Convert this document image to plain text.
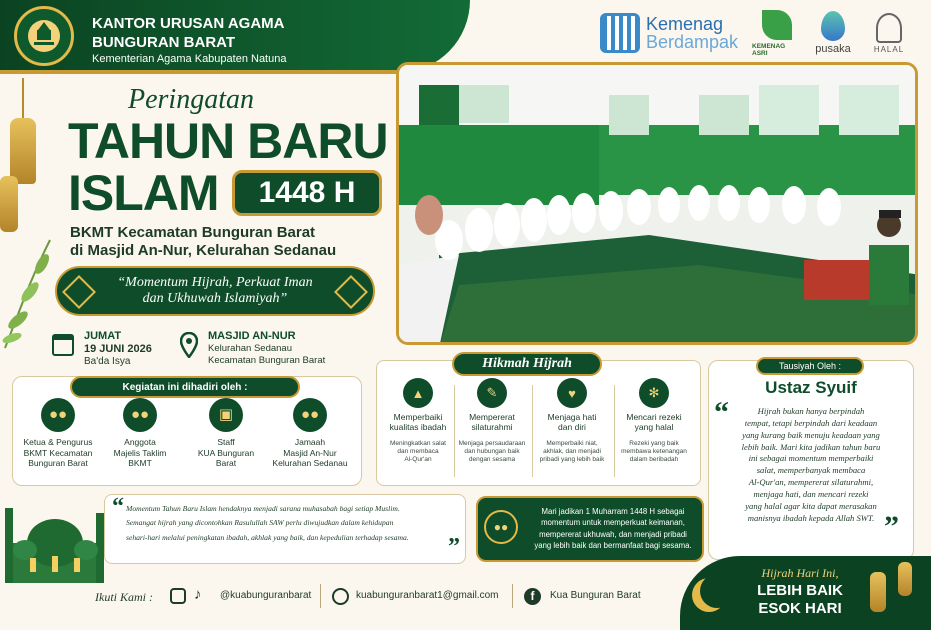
KANTOR URUSAN AGAMA
BUNGURAN BARAT
Kementerian Agama Kabupaten Natuna
Kemenag
Berdampak KEMENAG ASRI	pusaka	HALAL
Peringatan
TAHUN BARU
ISLAM	1448 H
BKMT Kecamatan Bunguran Barat
di Masjid An-Nur, Kelurahan Sedanau
“Momentum Hijrah, Perkuat Iman
dan Ukhuwah Islamiyah”
JUMAT
19 JUNI 2026
Ba'da Isya
MASJID AN-NUR
Kelurahan Sedanau
Kecamatan Bunguran Barat
Kegiatan ini dihadiri oleh :
●●
Ketua & Pengurus
BKMT Kecamatan
Bunguran Barat
●●
Anggota
Majelis Taklim
BKMT
▣
Staff
KUA Bunguran
Barat
●●
Jamaah
Masjid An-Nur
Kelurahan Sedanau
Hikmah Hijrah
▲
Memperbaiki
kualitas ibadah
Meningkatkan salat
dan membaca
Al-Qur'an
✎
Mempererat
silaturahmi
Menjaga persaudaraan
dan hubungan baik
dengan sesama
♥
Menjaga hati
dan diri
Memperbaiki niat,
akhlak, dan menjadi
pribadi yang lebih baik
✻
Mencari rezeki
yang halal
Rezeki yang baik
membawa ketenangan
dalam beribadah
Tausiyah Oleh :
Ustaz Syuif
“	Hijrah bukan hanya berpindah
tempat, tetapi berpindah dari keadaan
yang kurang baik menuju keadaan yang
lebih baik. Mari kita jadikan tahun baru
ini sebagai momentum memperbaiki
salat, memperbanyak membaca
Al-Qur'an, mempererat silaturahmi,
menjaga hati, dan mencari rezeki
yang halal agar kita dapat merasakan
manisnya ibadah kepada Allah SWT. ”
“ Momentum Tahun Baru Islam hendaknya menjadi sarana muhasabah bagi setiap Muslim.
Semangat hijrah yang dicontohkan Rasulullah SAW perlu diwujudkan dalam kehidupan
sehari-hari melalui peningkatan ibadah, akhlak yang baik, dan kepedulian terhadap sesama.	”
●●
Mari jadikan 1 Muharram 1448 H sebagai
momentum untuk memperkuat keimanan,
mempererat ukhuwah, dan menjadi pribadi
yang lebih baik dan bermanfaat bagi sesama.
Ikuti Kami :	♪ @kuabunguranbarat	kuabunguranbarat1@gmail.com	f	Kua Bunguran Barat
Hijrah Hari Ini,
LEBIH BAIK
ESOK HARI
